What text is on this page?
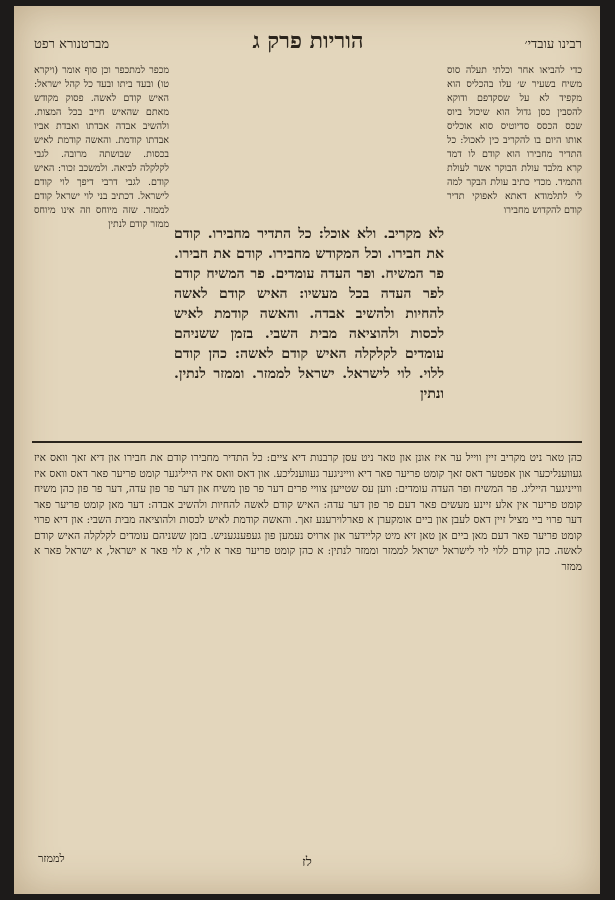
רבינו עובדי׳
הוריות פרק ג
מברטנורא רפט
כדי להביאו אחר וכלתי תעלה סוס משיח בשעיר ש׳ עלו בהכליס הוא מקפיד לא על שסקדפם ודוקא להסבין כסן גדול הוא שיכול ביוס שכס הכסס סדיוטיס סוא אוכליס אותו היום בו להקריב כין לאכול: כל התדיר מחבירו הוא קודם לו דמד קרא מלבד עולת הבוקר אשר לעולת התמיד. מכדי כתיב עולת הבקר למה לי לתלמודא דאתא לאפוקי תדיר קודם להקדוש מחבירו
לא מקריב. ולא אוכל: כל התדיר מחבירו. קודם את חבירו. וכל המקודש מחבירו. קודם את חבירו. פר המשיח. ופר העדה עומדים. פר המשיח קודם לפר העדה בכל מעשיו: האיש קודם לאשה להחיות ולהשיב אבדה. והאשה קודמת לאיש לכסות ולהוציאה מבית השבי. בזמן ששניהם עומדים לקלקלה האיש קודם לאשה: כהן קודם ללוי. לוי לישראל. ישראל לממזר. וממזר לנתין. ונתין
מכפר למתכפר וכן סוף אומר (ויקרא טו) ובעד ביתו ובעד כל קהל ישראל: האיש קודם לאשה. פסוק מקודש מאתם שהאיש חייב בכל המצות. ולהשיב אבדה אבדתו ואבדת אביו אבדתו קודמת. והאשה קודמת לאיש בכסות. שבושתה מרובה. לגבי לקלקלה לביאה. ולמשכב זכור: האיש קודם. לגבי דרבי דיפך לוי קודם לישראל. דכתיב בני לוי ישראל קודם לממזר. שזה מיוחס וזה אינו מיוחס ממזר קודם לנתין
כהן טאר ניט מקריב זיין ווייל ער איז אונן און טאר ניט עסן קרבנות דיא ציים: כל התדיר מחבירו קודם את חבירו און דיא זאך וואס איז געווענליכער און אפטער דאס זאך קומט פריער פאר דיא ווייניגער געווענליכע. און דאס וואס איז הייליגער קומט פריער פאר דאס וואס איז ווייניגער הייליג. פר המשיח ופר העדה עומדים: ווען עס שטייען צוויי פרים דער פר פון משיח און דער פר פון עדה, דער פר פון כהן משיח קומט פריער אין אלע זיינע מעשים פאר דעם פר פון דער עדה: האיש קודם לאשה להחיות ולהשיב אבדה: דער מאן קומט פריער פאר דער פרוי ביי מציל זיין דאס לעבן און ביים אומקערן א פארלוירענע זאך. והאשה קודמת לאיש לכסות ולהוציאה מבית השבי: און דיא פרוי קומט פריער פאר דעם מאן ביים אן טאן זיא מיט קליידער און ארויס נעמען פון געפענגעניש. בזמן ששניהם עומדים לקלקלה האיש קודם לאשה. כהן קודם ללוי לוי לישראל ישראל לממזר וממזר לנתין: א כהן קומט פריער פאר א לוי, א לוי פאר א ישראל, א ישראל פאר א ממזר
לממזר	לז
